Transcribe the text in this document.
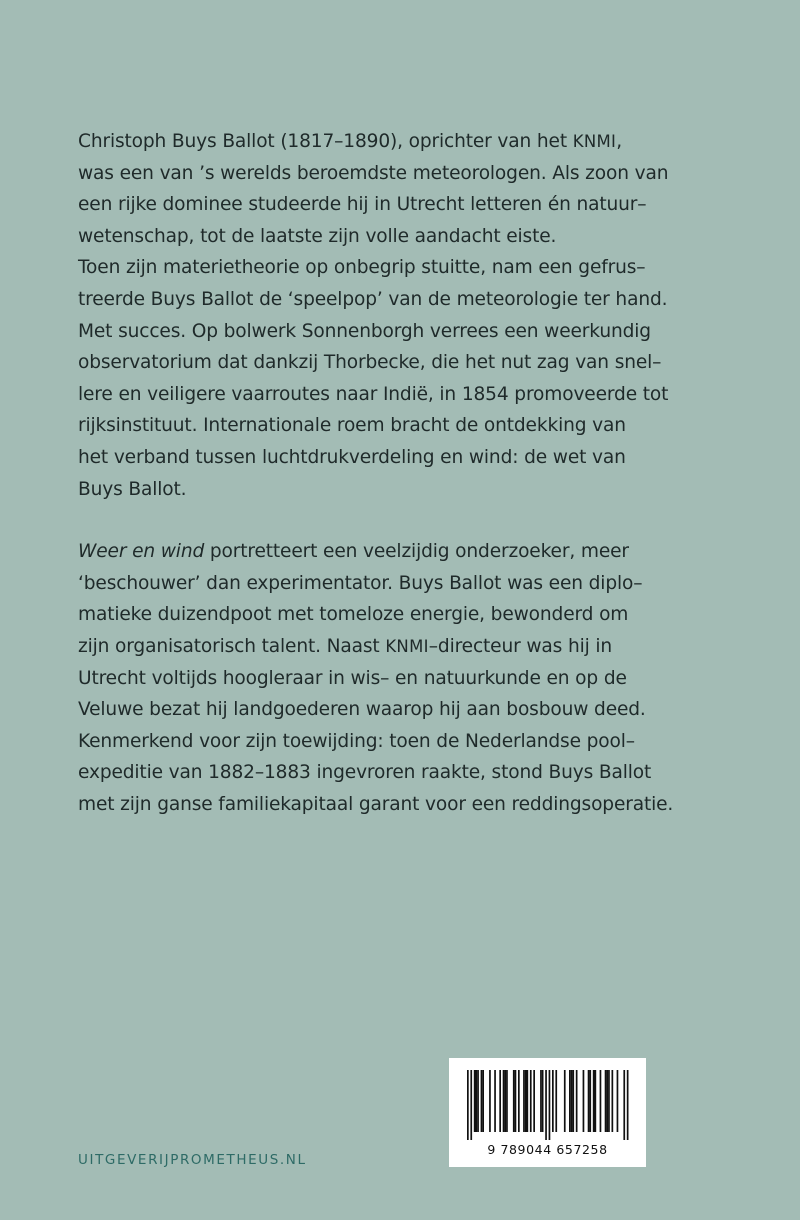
Christoph Buys Ballot (1817–1890), oprichter van het KNMI,
was een van ’s werelds beroemdste meteorologen. Als zoon van
een rijke dominee studeerde hij in Utrecht letteren én natuur–
wetenschap, tot de laatste zijn volle aandacht eiste.
Toen zijn materietheorie op onbegrip stuitte, nam een gefrus–
treerde Buys Ballot de ‘speelpop’ van de meteorologie ter hand.
Met succes. Op bolwerk Sonnenborgh verrees een weerkundig
observatorium dat dankzij Thorbecke, die het nut zag van snel–
lere en veiligere vaarroutes naar Indië, in 1854 promoveerde tot
rijksinstituut. Internationale roem bracht de ontdekking van
het verband tussen luchtdrukverdeling en wind: de wet van
Buys Ballot.

Weer en wind portretteert een veelzijdig onderzoeker, meer
‘beschouwer’ dan experimentator. Buys Ballot was een diplo–
matieke duizendpoot met tomeloze energie, bewonderd om
zijn organisatorisch talent. Naast KNMI–directeur was hij in
Utrecht voltijds hoogleraar in wis– en natuurkunde en op de
Veluwe bezat hij landgoederen waarop hij aan bosbouw deed.
Kenmerkend voor zijn toewijding: toen de Nederlandse pool–
expeditie van 1882–1883 ingevroren raakte, stond Buys Ballot
met zijn ganse familiekapitaal garant voor een reddingsoperatie.

9 789044 657258
UITGEVERIJPROMETHEUS.NL
